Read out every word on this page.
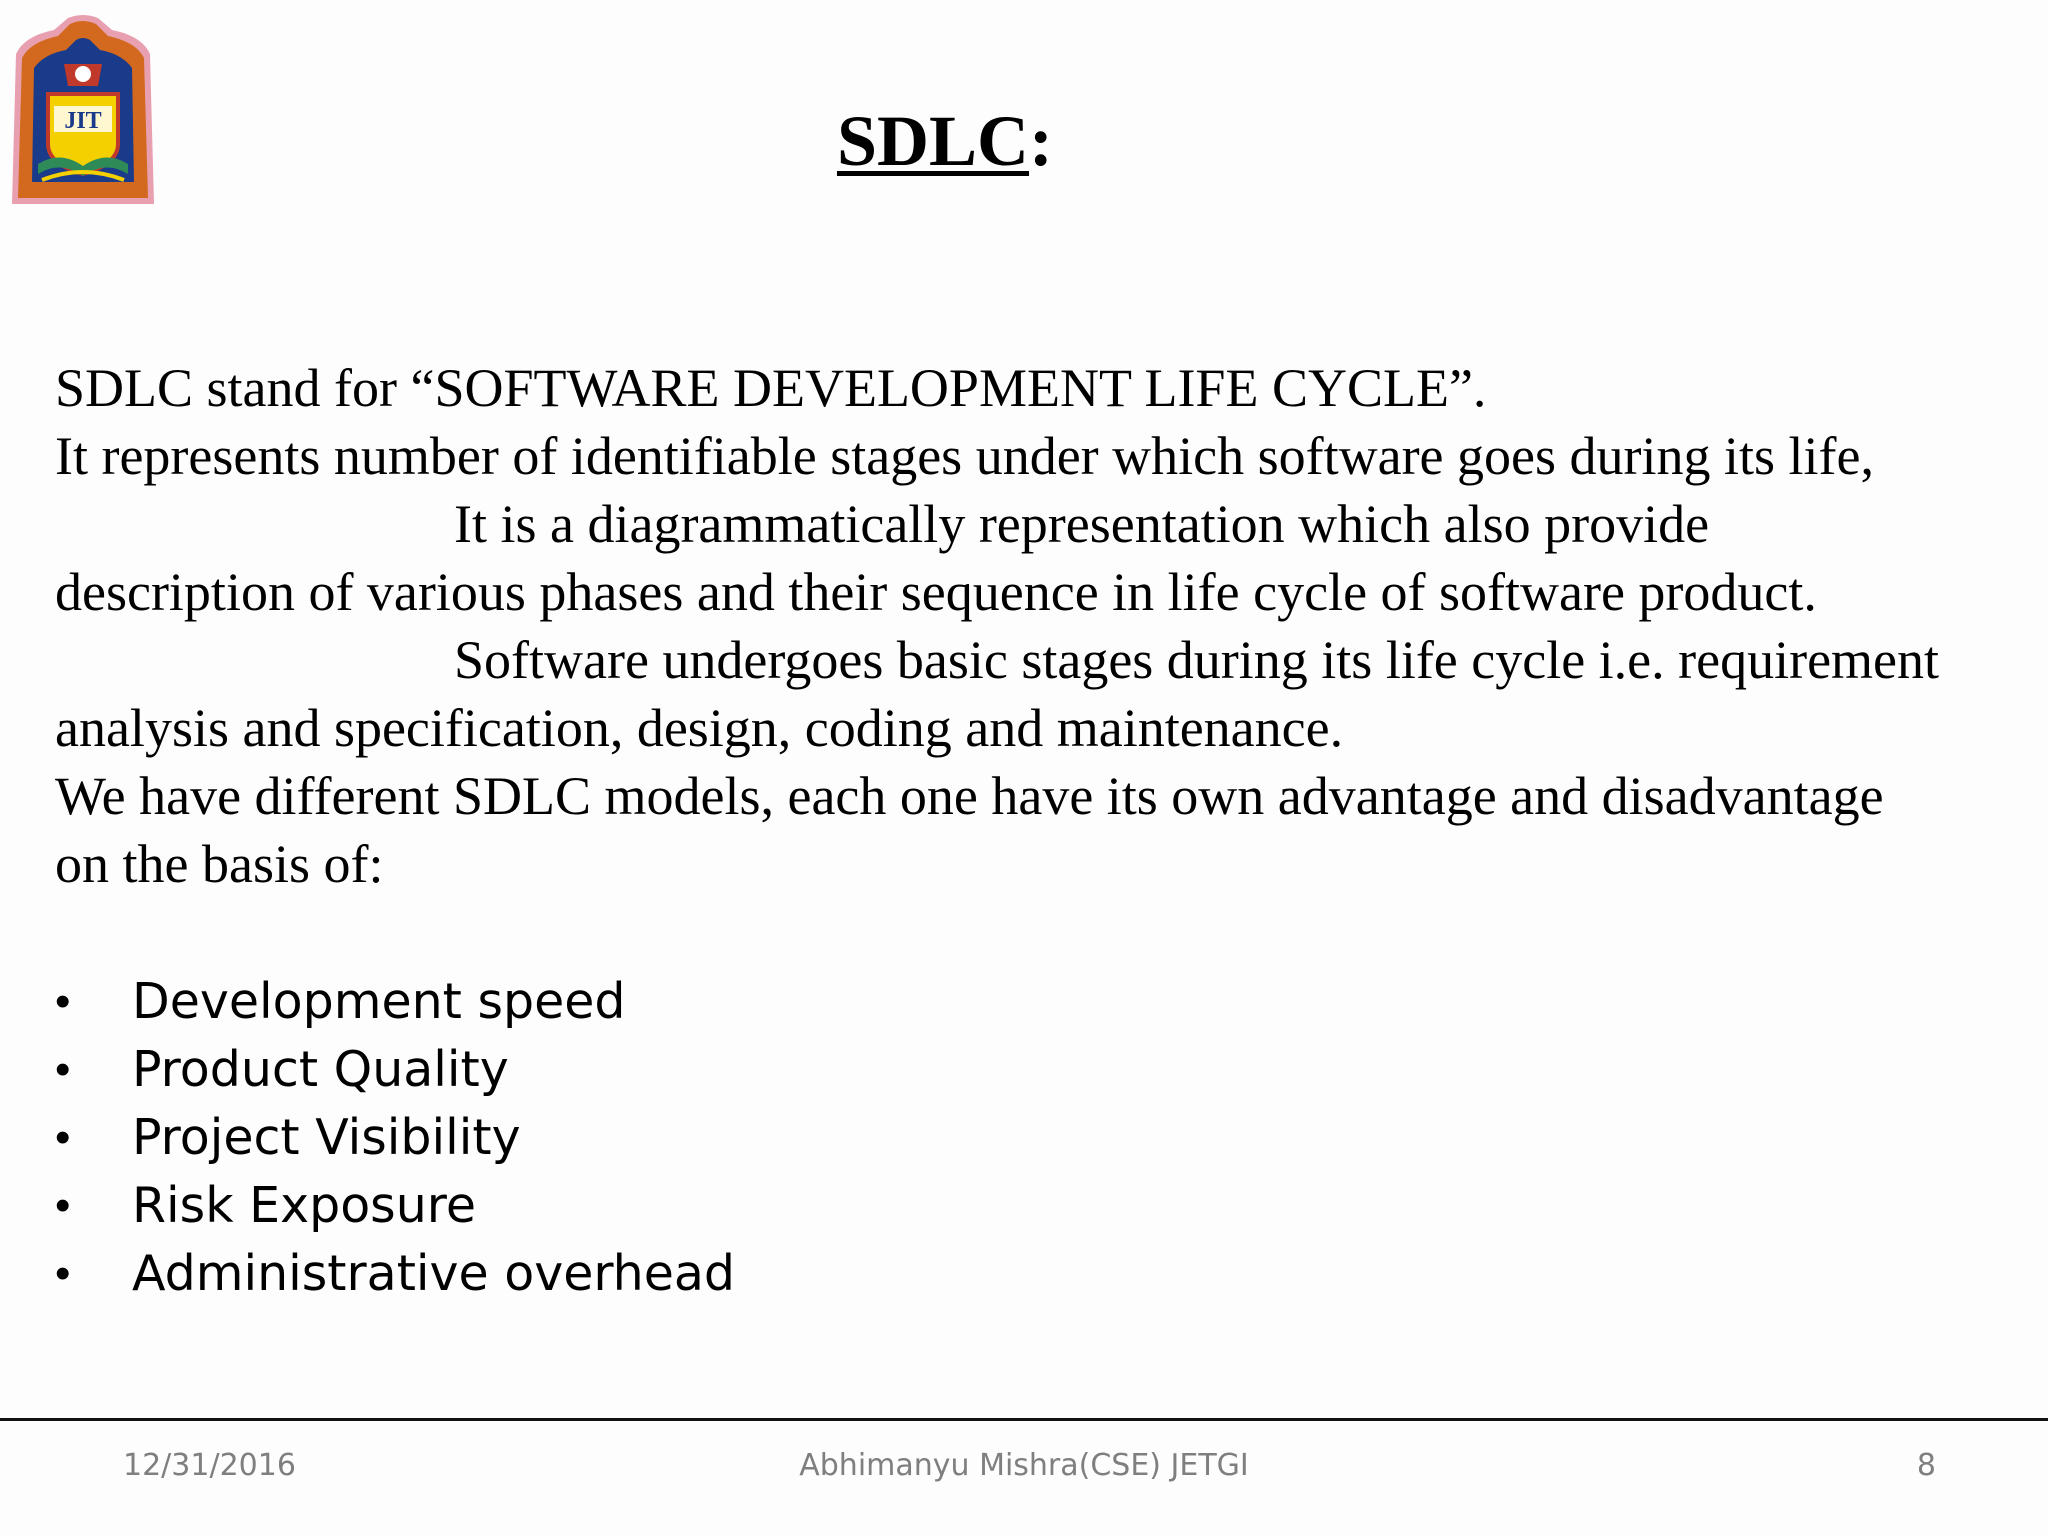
JIT	SDLC:
SDLC stand for “SOFTWARE DEVELOPMENT LIFE CYCLE”.
It represents number of identifiable stages under which software goes during its life,
It is a diagrammatically representation which also provide
description of various phases and their sequence in life cycle of software product.
Software undergoes basic stages during its life cycle i.e. requirement
analysis and specification, design, coding and maintenance.
We have different SDLC models, each one have its own advantage and disadvantage
on the basis of:
• Development speed
• Product Quality
• Project Visibility
• Risk Exposure
• Administrative overhead
12/31/2016	Abhimanyu Mishra(CSE) JETGI	8
